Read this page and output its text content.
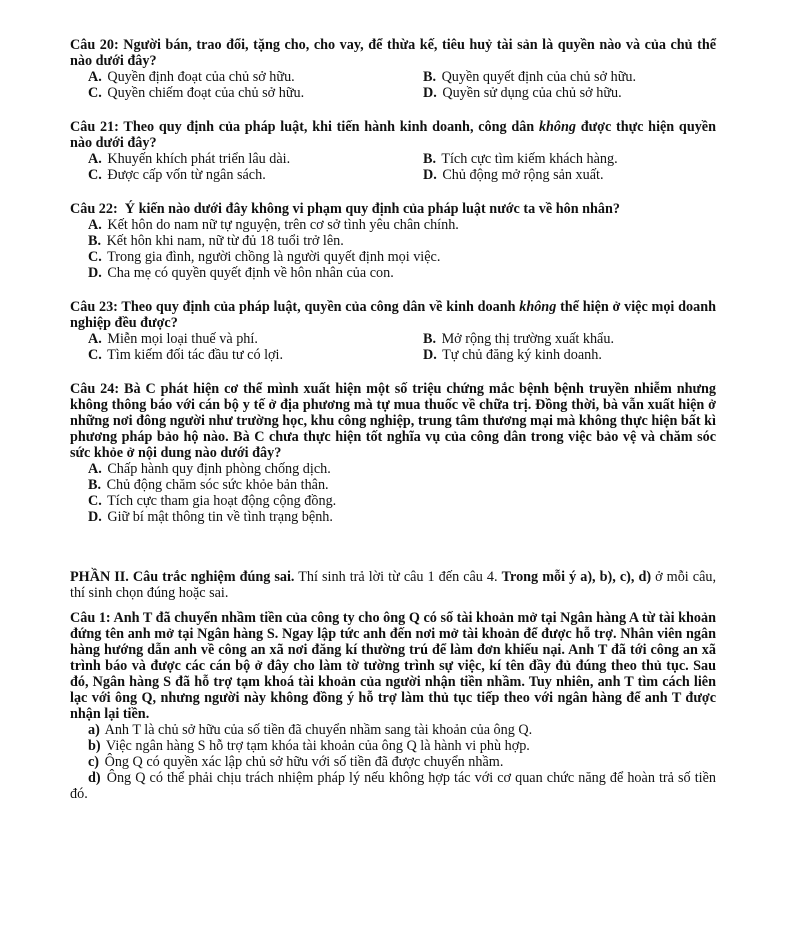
Câu 20: Người bán, trao đổi, tặng cho, cho vay, để thừa kế, tiêu huỷ tài sản là quyền nào và của chủ thể nào dưới đây?
A. Quyền định đoạt của chủ sở hữu.	B. Quyền quyết định của chủ sở hữu.
C. Quyền chiếm đoạt của chủ sở hữu.	D. Quyền sử dụng của chủ sở hữu.
Câu 21: Theo quy định của pháp luật, khi tiến hành kinh doanh, công dân không được thực hiện quyền nào dưới đây?
A. Khuyến khích phát triển lâu dài.	B. Tích cực tìm kiếm khách hàng.
C. Được cấp vốn từ ngân sách.	D. Chủ động mở rộng sản xuất.
Câu 22: Ý kiến nào dưới đây không vi phạm quy định của pháp luật nước ta về hôn nhân?
A. Kết hôn do nam nữ tự nguyện, trên cơ sở tình yêu chân chính.
B. Kết hôn khi nam, nữ từ đủ 18 tuổi trở lên.
C. Trong gia đình, người chồng là người quyết định mọi việc.
D. Cha mẹ có quyền quyết định về hôn nhân của con.
Câu 23: Theo quy định của pháp luật, quyền của công dân về kinh doanh không thể hiện ở việc mọi doanh nghiệp đều được?
A. Miễn mọi loại thuế và phí.	B. Mở rộng thị trường xuất khẩu.
C. Tìm kiếm đối tác đầu tư có lợi.	D. Tự chủ đăng ký kinh doanh.
Câu 24: Bà C phát hiện cơ thể mình xuất hiện một số triệu chứng mắc bệnh bệnh truyền nhiễm nhưng không thông báo với cán bộ y tế ở địa phương mà tự mua thuốc về chữa trị. Đồng thời, bà vẫn xuất hiện ở những nơi đông người như trường học, khu công nghiệp, trung tâm thương mại mà không thực hiện bất kì phương pháp bảo hộ nào. Bà C chưa thực hiện tốt nghĩa vụ của công dân trong việc bảo vệ và chăm sóc sức khỏe ở nội dung nào dưới đây?
A. Chấp hành quy định phòng chống dịch.
B. Chủ động chăm sóc sức khỏe bản thân.
C. Tích cực tham gia hoạt động cộng đồng.
D. Giữ bí mật thông tin về tình trạng bệnh.
PHẦN II. Câu trắc nghiệm đúng sai. Thí sinh trả lời từ câu 1 đến câu 4. Trong mỗi ý a), b), c), d) ở mỗi câu, thí sinh chọn đúng hoặc sai.
Câu 1: Anh T đã chuyển nhầm tiền của công ty cho ông Q có số tài khoản mở tại Ngân hàng A từ tài khoản đứng tên anh mở tại Ngân hàng S. Ngay lập tức anh đến nơi mở tài khoản để được hỗ trợ. Nhân viên ngân hàng hướng dẫn anh về công an xã nơi đăng kí thường trú để làm đơn khiếu nại. Anh T đã tới công an xã trình báo và được các cán bộ ở đây cho làm tờ tường trình sự việc, kí tên đầy đủ đúng theo thủ tục. Sau đó, Ngân hàng S đã hỗ trợ tạm khoá tài khoản của người nhận tiền nhầm. Tuy nhiên, anh T tìm cách liên lạc với ông Q, nhưng người này không đồng ý hỗ trợ làm thủ tục tiếp theo với ngân hàng để anh T được nhận lại tiền.
a) Anh T là chủ sở hữu của số tiền đã chuyển nhầm sang tài khoản của ông Q.
b) Việc ngân hàng S hỗ trợ tạm khóa tài khoản của ông Q là hành vi phù hợp.
c) Ông Q có quyền xác lập chủ sở hữu với số tiền đã được chuyển nhầm.
d) Ông Q có thể phải chịu trách nhiệm pháp lý nếu không hợp tác với cơ quan chức năng để hoàn trả số tiền đó.
